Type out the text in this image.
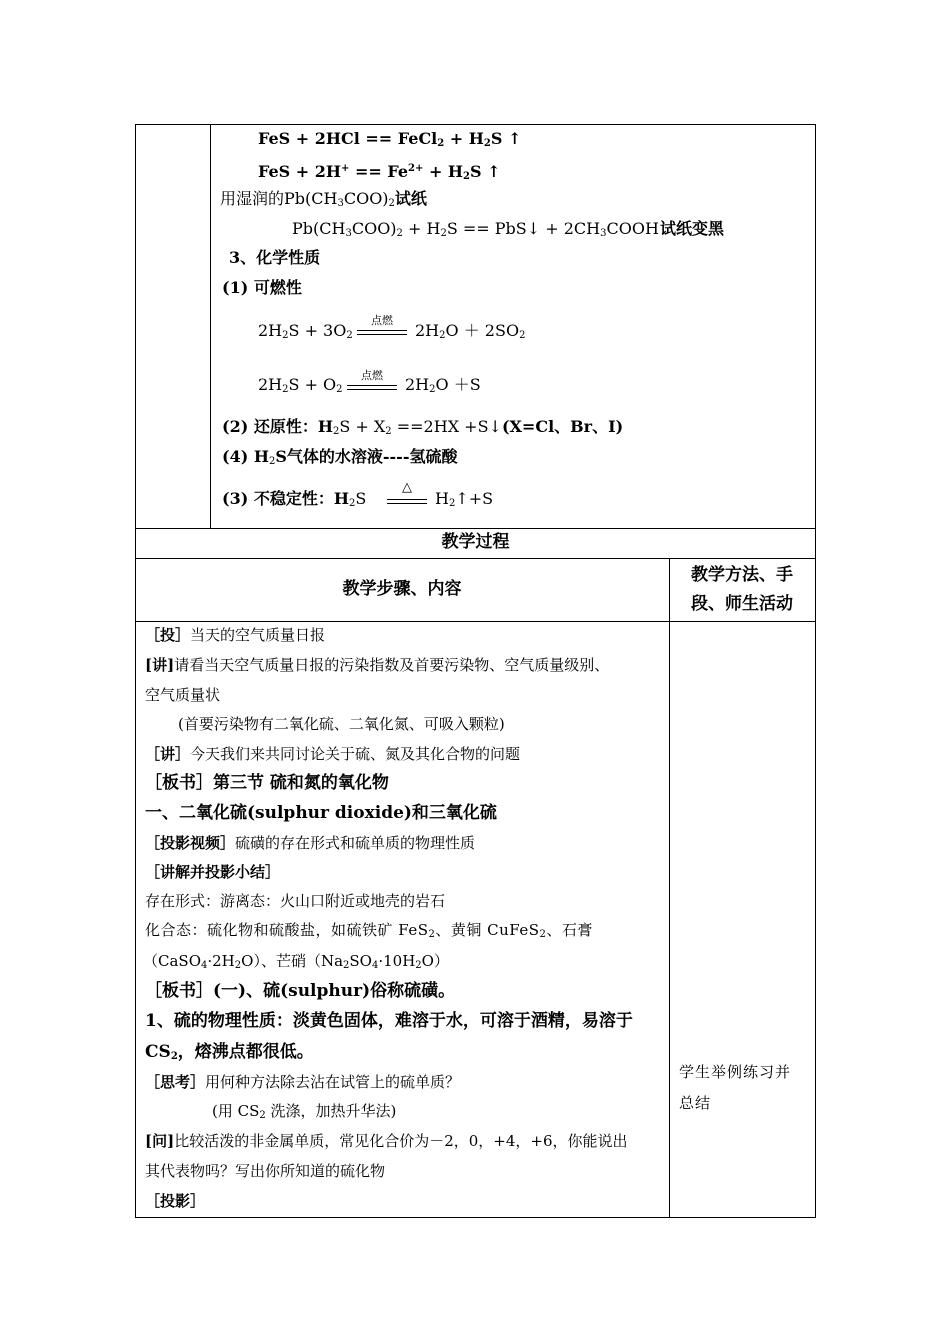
FeS + 2HCl == FeCl$_2$ + $H_2S$ ↑
FeS + $2H^+ == Fe^{2+} + H_2S$ ↑
用湿润的$Pb(CH_3COO)_2$试纸
$Pb(CH_3COO)_2 + H_2S$ == PbS↓ + $2CH_3COOH$ 试纸变黑
3、化学性质
(1) 可燃性
$2H_2S + 3O_2$
点燃
$2H_2O + 2SO_2$
$2H_2S + O_2$
点燃	$2H_2O +S$
(2) 还原性：$H_2S + X_2 ==2HX$ +S↓(X=Cl、Br、I)
(4) $H_2S$气体的水溶液----氢硫酸
(3) 不稳定性：$H_2S$
△
$H_2↑+S$
教学过程
教学步骤、内容
教学方法、手
段、师生活动
［投］当天的空气质量日报
[讲]请看当天空气质量日报的污染指数及首要污染物、空气质量级别、
空气质量状
(首要污染物有二氧化硫、二氧化氮、可吸入颗粒)
［讲］今天我们来共同讨论关于硫、氮及其化合物的问题
［板书］第三节 硫和氮的氧化物
一、二氧化硫(sulphur dioxide)和三氧化硫
［投影视频］硫磺的存在形式和硫单质的物理性质
［讲解并投影小结］
存在形式：游离态：火山口附近或地壳的岩石
化合态：硫化物和硫酸盐，如硫铁矿 FeS$_2$、黄铜 CuFeS$_2$、石膏
$(CaSO_4\cdot 2H_2O)$、芒硝$(Na_2SO_4\cdot 10H_2O)$
［板书］(一)、硫(sulphur)俗称硫磺。
1、硫的物理性质：淡黄色固体，难溶于水，可溶于酒精，易溶于
$CS_2$，熔沸点都很低。
［思考］用何种方法除去沾在试管上的硫单质？
(用 $CS_2$ 洗涤，加热升华法)
[问]比较活泼的非金属单质，常见化合价为－2，0，+4，+6，你能说出
其代表物吗？写出你所知道的硫化物
［投影］
学生举例练习并
总结
